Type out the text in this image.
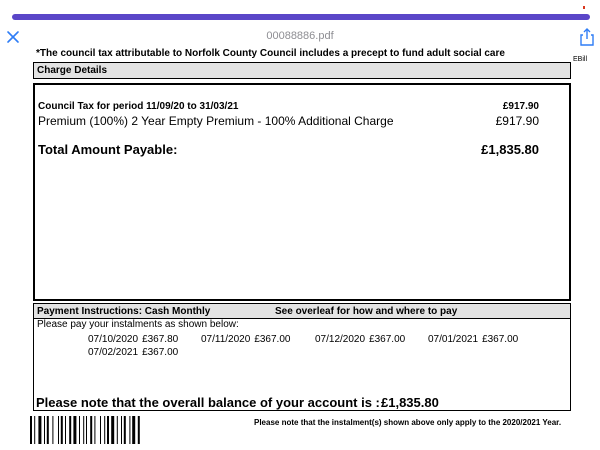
00088886.pdf
*The council tax attributable to Norfolk County Council includes a precept to fund adult social care
EBill
Charge Details
Council Tax for period 11/09/20 to 31/03/21	£917.90
Premium (100%) 2 Year Empty Premium - 100% Additional Charge	£917.90
Total Amount Payable:	£1,835.80
Payment Instructions: Cash Monthly	See overleaf for how and where to pay
Please pay your instalments as shown below:
07/10/2020 £367.80 07/11/2020 £367.00 07/12/2020 £367.00 07/01/2021 £367.00
07/02/2021 £367.00
Please note that the overall balance of your account is : £1,835.80
Please note that the instalment(s) shown above only apply to the 2020/2021 Year.
